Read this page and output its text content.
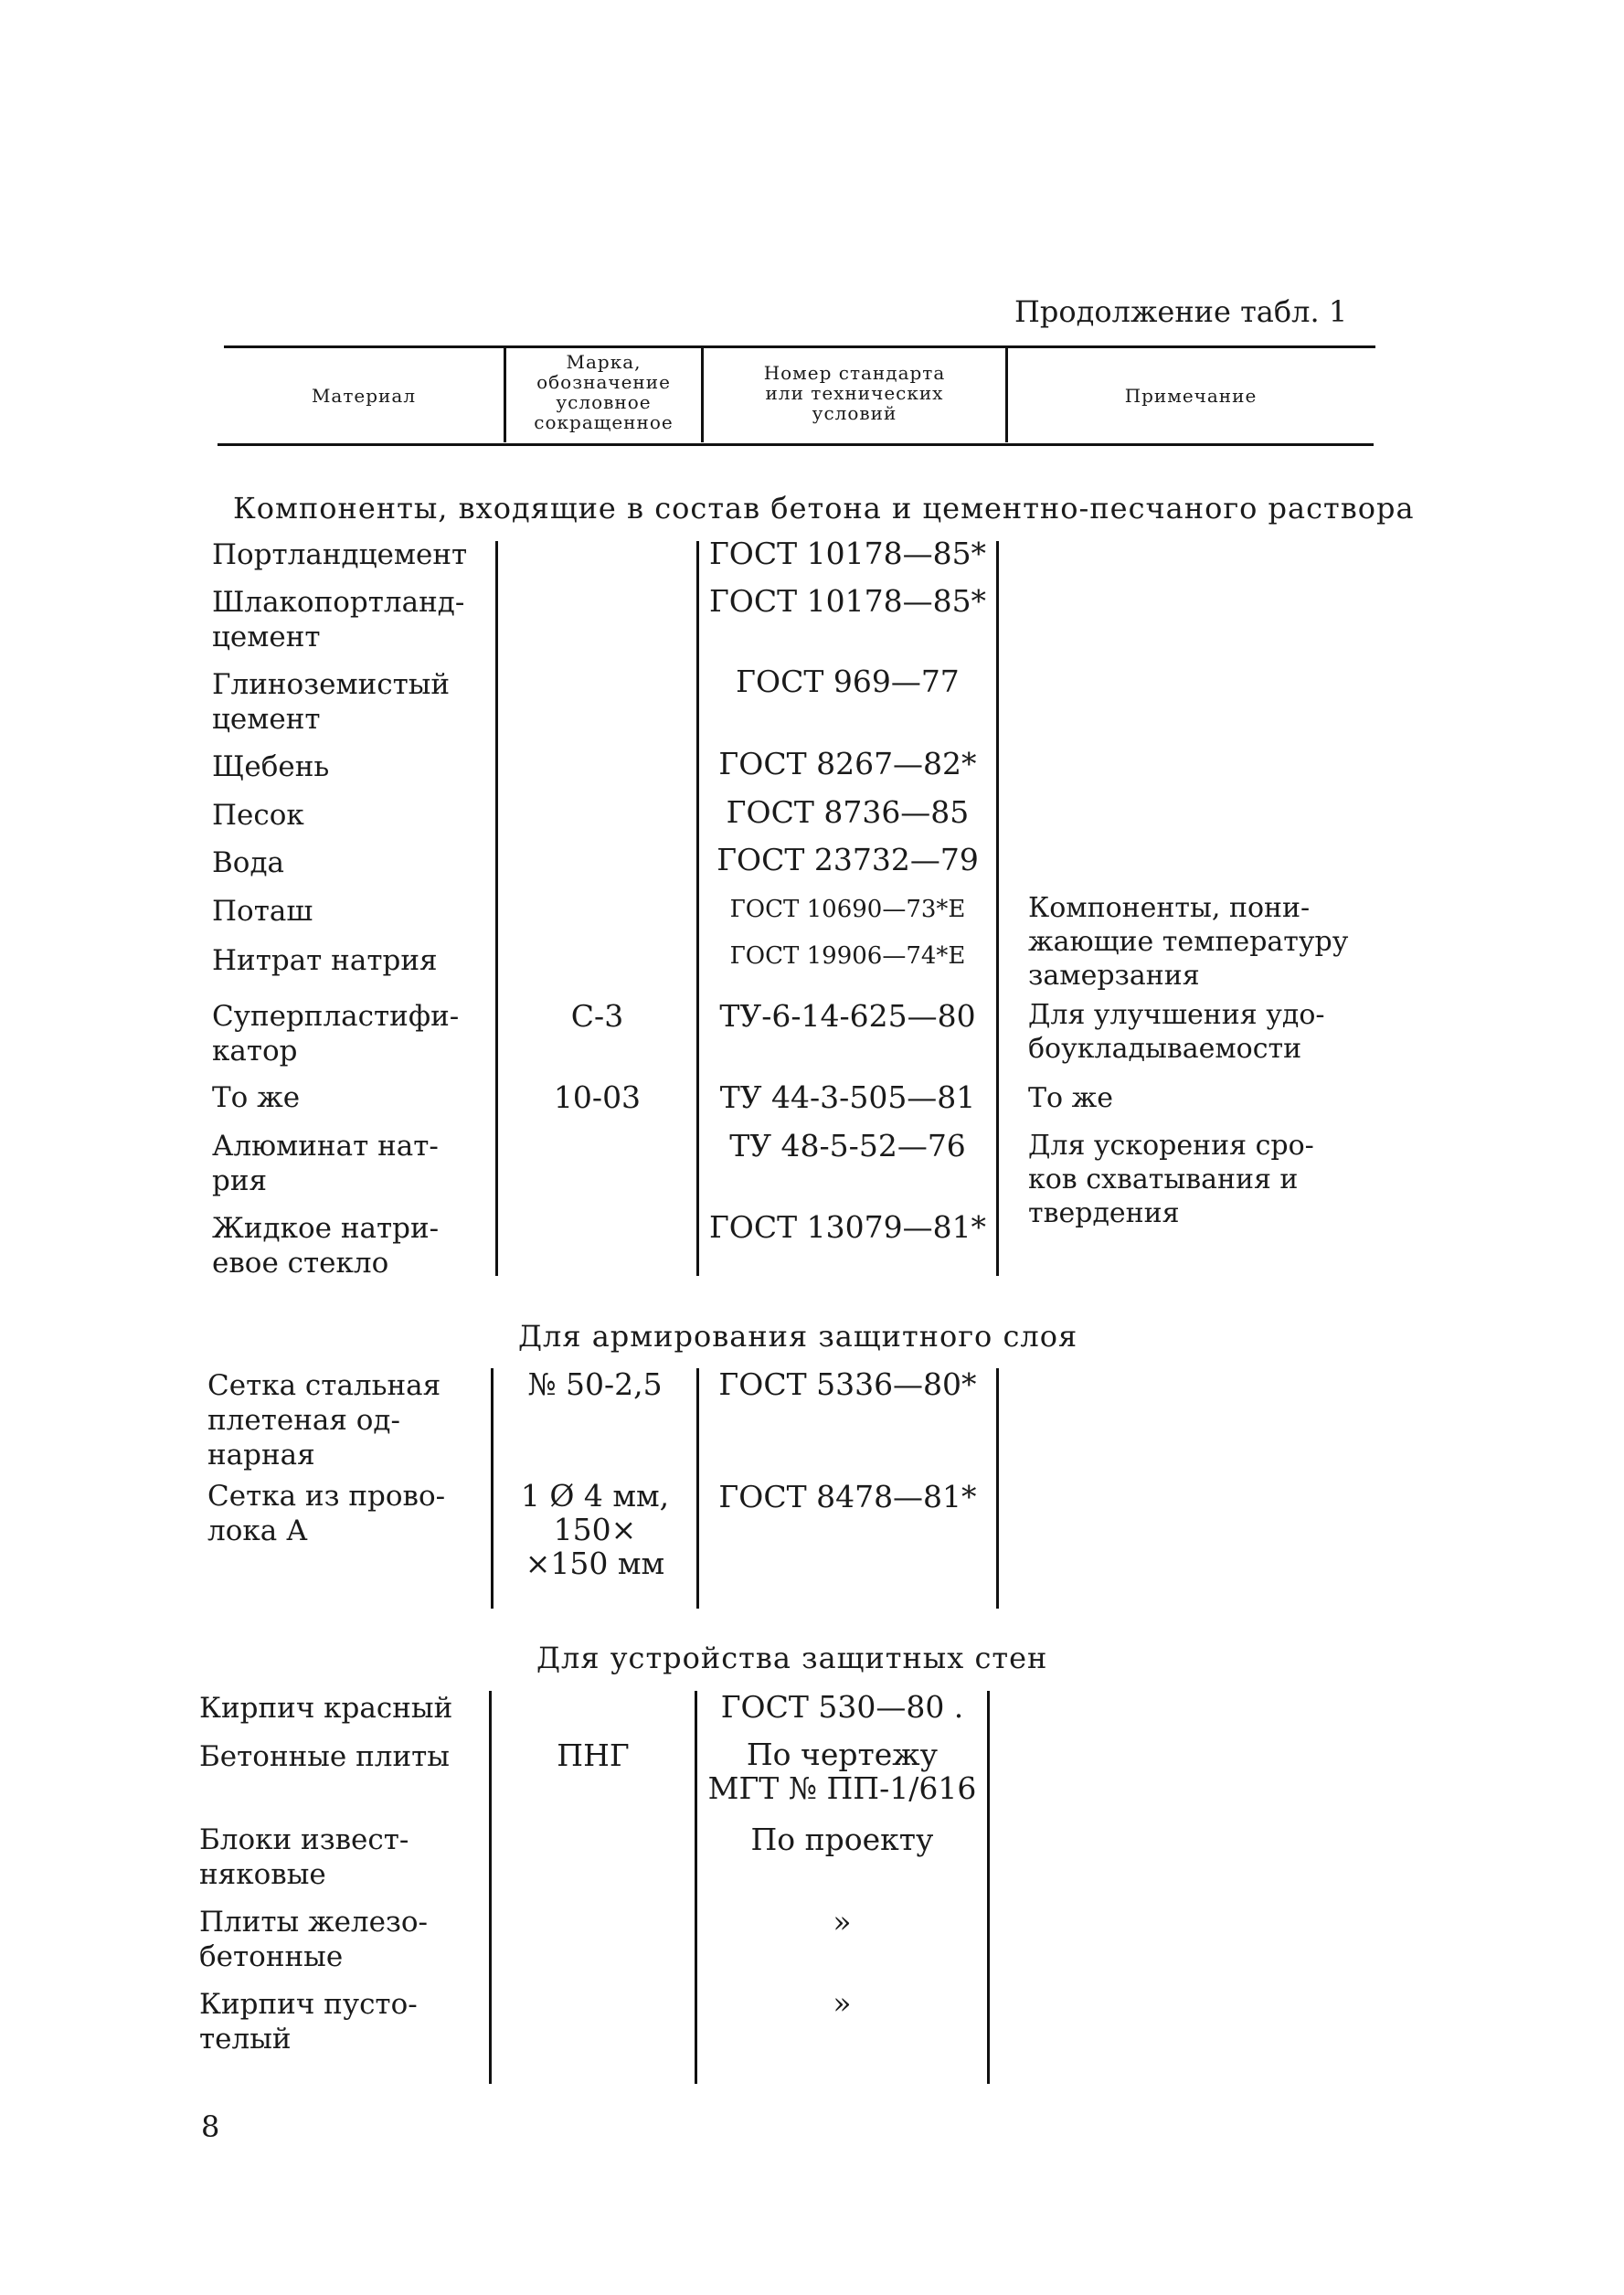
Продолжение табл. 1
Материал
Марка,
обозначение
условное
сокращенное
Номер стандарта
или технических
условий
Примечание
Компоненты, входящие в состав бетона и цементно-песчаного раствора
Портландцемент
Шлакопортланд-
цемент
Глиноземистый
цемент
Щебень
Песок
Вода
Поташ
Нитрат натрия
Суперпластифи-
катор
То же
Алюминат нат-
рия
Жидкое натри-
евое стекло
С-3
10-03
ГОСТ 10178—85*
ГОСТ 10178—85*
ГОСТ 969—77
ГОСТ 8267—82*
ГОСТ 8736—85
ГОСТ 23732—79
ГОСТ 10690—73*Е
ГОСТ 19906—74*Е
ТУ-6-14-625—80
ТУ 44-3-505—81
ТУ 48-5-52—76
ГОСТ 13079—81*
Компоненты, пони-
жающие температуру
замерзания
Для улучшения удо-
боукладываемости
То же
Для ускорения сро-
ков схватывания и
твердения
Для армирования защитного слоя
Сетка стальная
плетеная од-
нарная
Сетка из прово-
лока А
№ 50-2,5
1 Ø 4 мм,
150×
×150 мм
ГОСТ 5336—80*
ГОСТ 8478—81*
Для устройства защитных стен
Кирпич красный
Бетонные плиты
Блоки извест-
няковые
Плиты железо-
бетонные
Кирпич пусто-
телый
ПНГ
ГОСТ 530—80 .
По чертежу
МГТ № ПП-1/616
По проекту
»
»
8
